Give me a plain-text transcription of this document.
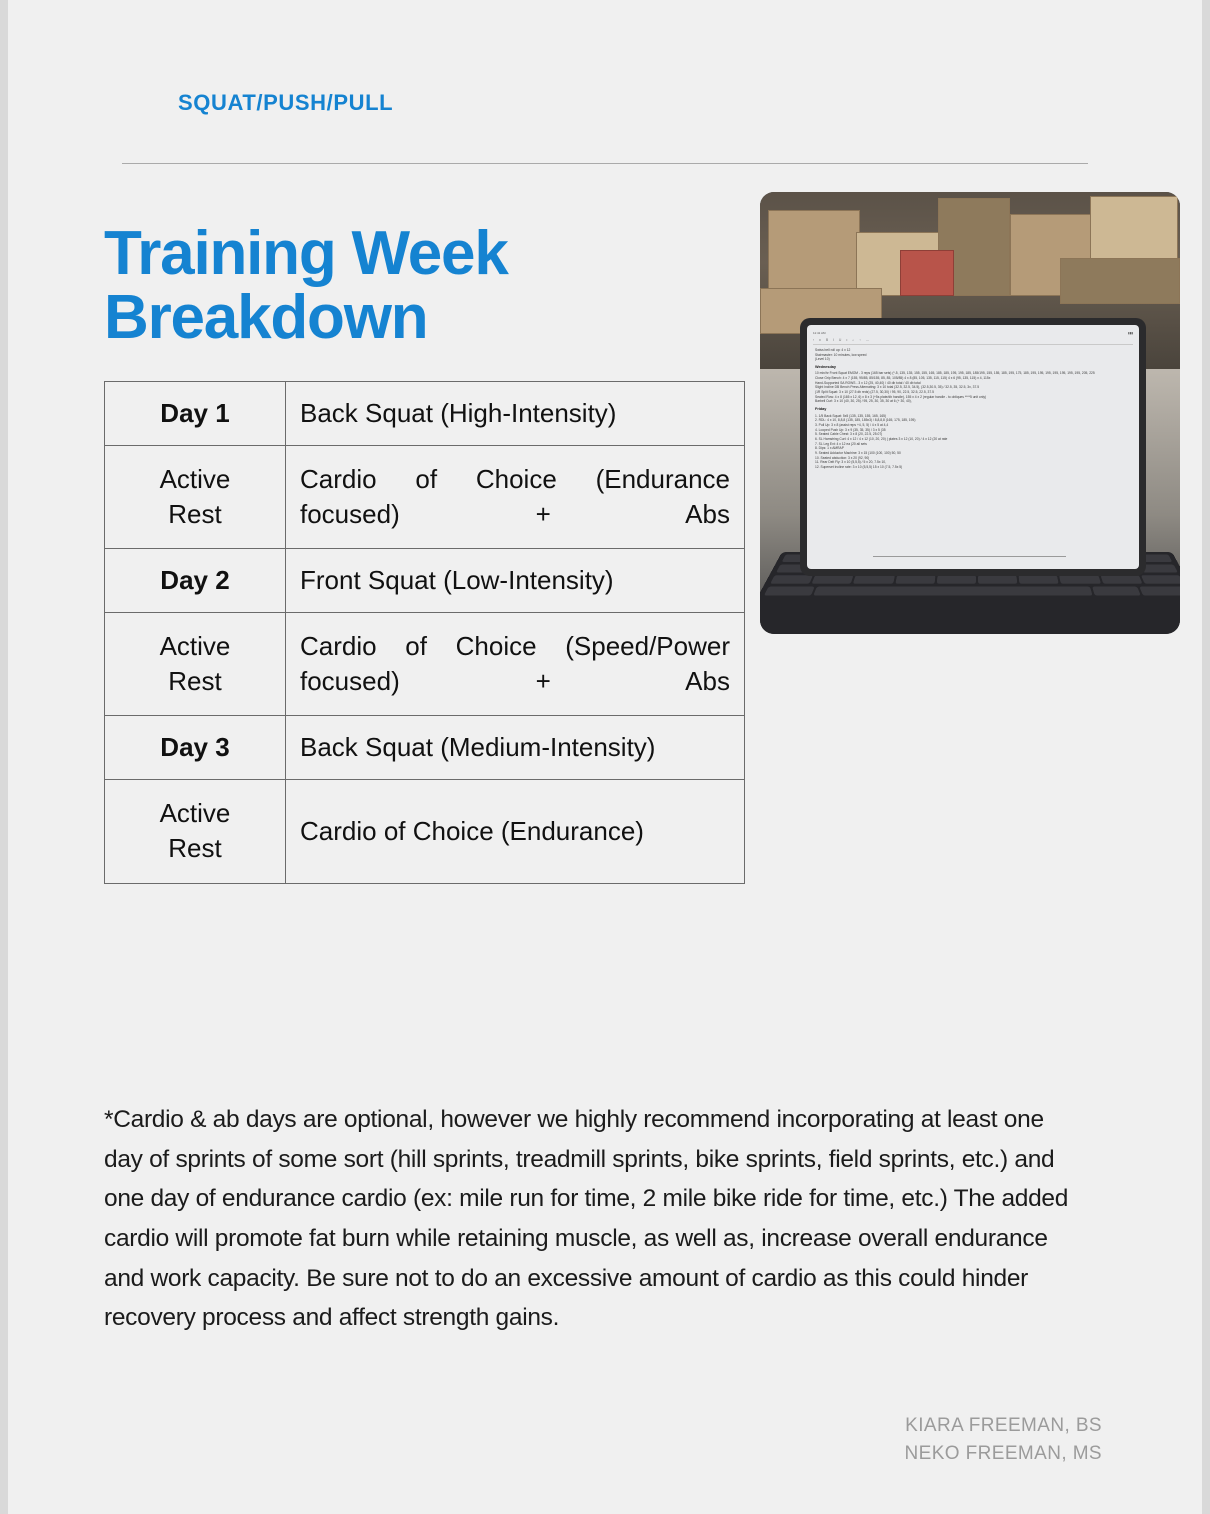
SQUAT/PUSH/PULL
Training Week Breakdown	11:41 AM	▮▮▮
‹ ≡ B I U • ⌕ ↑ ⋯
Swiss bell roll up: 4 x 12
Stairmaster: 10 minutes, low speed
(Level 10)
Wednesday
10 min/hr Front Squat EMOM - 3 reps (165 bar sets) (*-5, 135, 135, 155, 155, 165, 185, 185, 195, 195, 185, 185/195, 155, 155, 185, 195, 175, 185, 195, 195, 195, 195, 195, 195, 195, 205, 225
Close Grip Bench: 4 x 7 (155, 95/85, 85/155, 85, 85, 105/85) 4 x 8 (85, 105, 135, 115, 115) 4 x 6 (95, 135, 115) x 4, 115x
Hand-Supported SA ROWS - 3 x 12 (25, 40,40) / 40 db total / 40 db total
Slight Incline DB Bench Press Alternating: 3 x 10 total (32.5, 32.5, 34.5), (32.5,30.5, 35) / 32.5, 35, 32.5, 3x, 37.5
(1R Split Squat: 3 x 10 (27.5 db reds) (27.5, 30,30) / 95, 90, 22.5, 32.5, 22.5, 37.5
Seated Row: 4 x 8 (165 x 12, 6) x 8 x 3 (+5s plate/db handle), 155 x 4 x 2 (regular handle - to obliques ****5 unit only)
Barbell Curl: 3 x 10 (40, 30, 25) / 95, 25, 30, 35, 30 at 6 (+ 30, 40),
Friday
1. 1/5 Back Squat: 5x5 (135, 135, 155, 165, 165)
2. RDL: 4 x 10, 8,8,8 (135, 185, 185x3) / 8,8,8,8 (165, 175, 185, 195)
3. Pull Up: 3 x 8 (assist reps +4, 5, 5) / 4 x 5 at 4,4
4. Looped Push Up: 3 x 9 (35, 35, 35) / 3 x 5 (35
5. Seated Cable Chest: 3 x 8 (20, 22.5, 25.07)
6. SL Hamstring Curl: 4 x 12 / 4 x 12 (10, 20, 20) ( plates 3 x 12 (10, 20) / 4 x 12 (20 at rate
7. SL Leg Ext: 4 x 12 ea (20 all sets
8. Dips: 1 x AMRAP
9. Seated Adductor Machine: 3 x 15 (100 (100, 100) 50, 50
10. Seated abduction: 3 x 20 (92, 90)
11. Rear Delt Fly: 3 x 10 (5,5,5) / 5 x 20, 7.5x 10,
12. Superset Incline rate: 3 x 10 (5,5,5) 15 x 10 (7.5, 7.5x 5)
Day 1	Back Squat (High-Intensity)
Active
Rest	Cardio of Choice (Endurance focused) + Abs
Day 2	Front Squat (Low-Intensity)
Active
Rest	Cardio of Choice (Speed/Power focused) + Abs
Day 3	Back Squat (Medium-Intensity)
Active
Rest	Cardio of Choice (Endurance)
*Cardio & ab days are optional, however we highly recommend incorporating at least one day of sprints of some sort (hill sprints, treadmill sprints, bike sprints, field sprints, etc.) and one day of endurance cardio (ex: mile run for time, 2 mile bike ride for time, etc.) The added cardio will promote fat burn while retaining muscle, as well as, increase overall endurance and work capacity. Be sure not to do an excessive amount of cardio as this could hinder recovery process and affect strength gains.
KIARA FREEMAN, BS
NEKO FREEMAN, MS
